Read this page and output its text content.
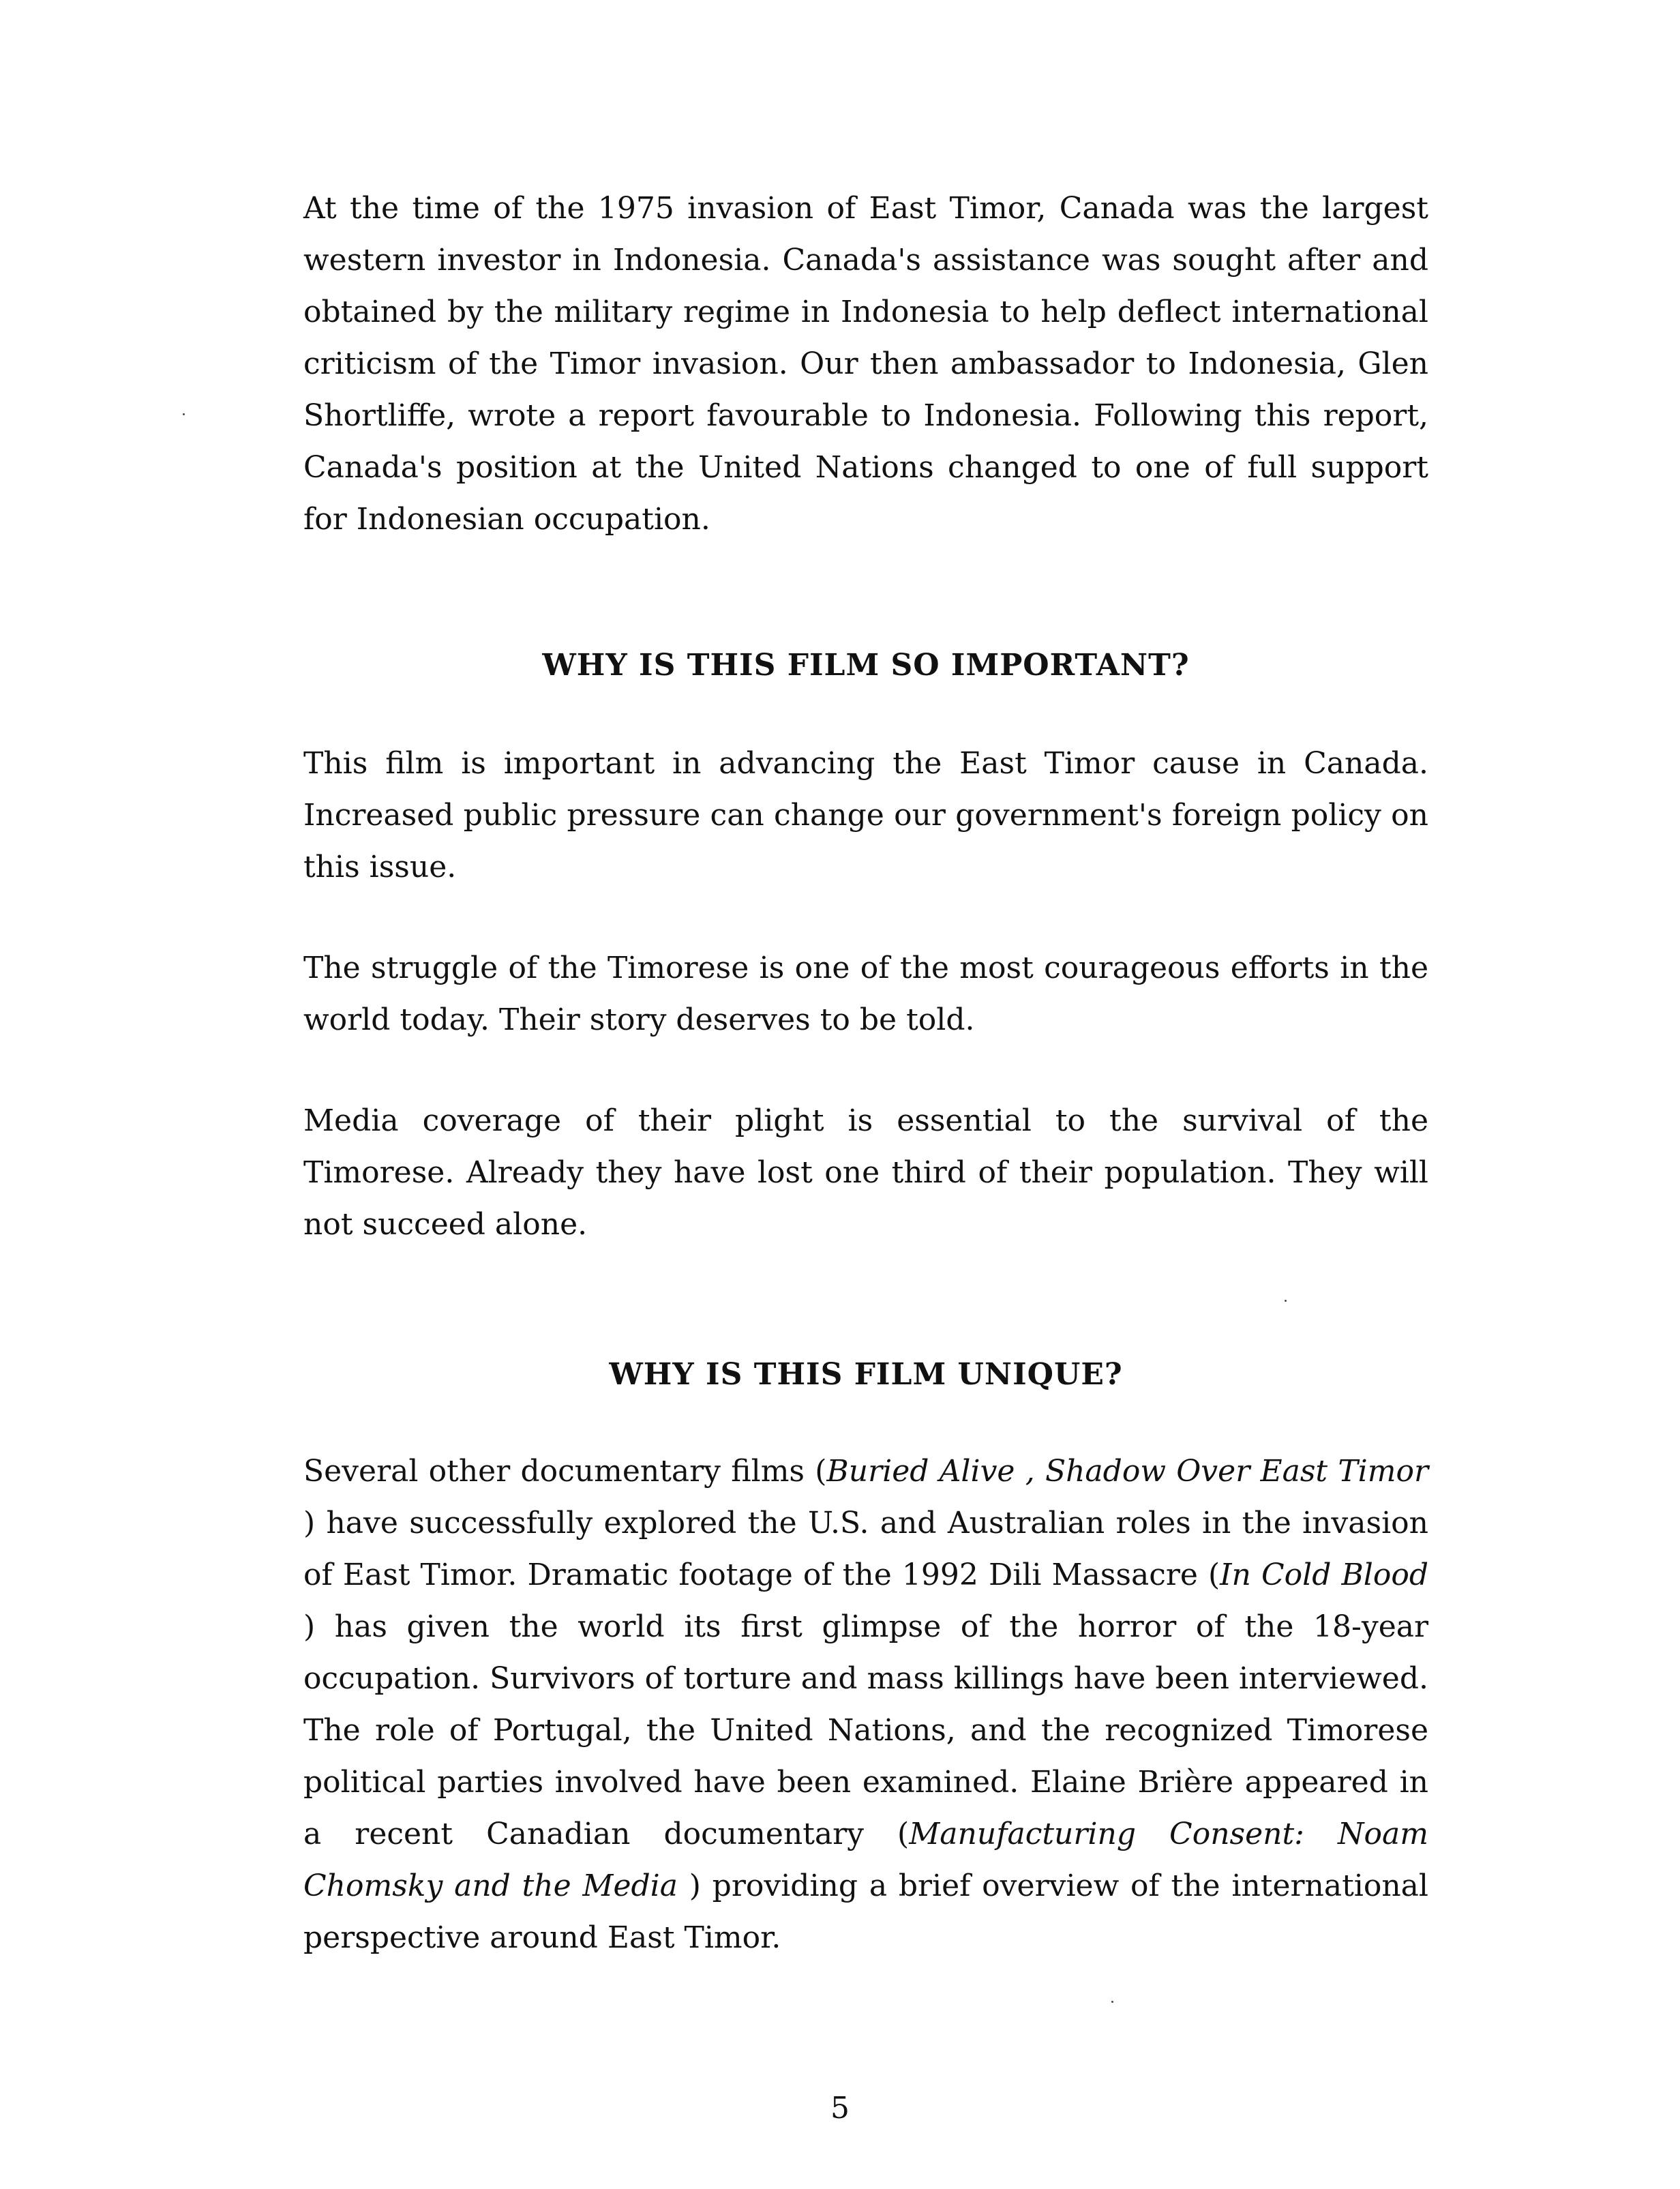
At the time of the 1975 invasion of East Timor, Canada was the largest western investor in Indonesia. Canada's assistance was sought after and obtained by the military regime in Indonesia to help deflect international criticism of the Timor invasion. Our then ambassador to Indonesia, Glen Shortliffe, wrote a report favourable to Indonesia. Following this report, Canada's position at the United Nations changed to one of full support for Indonesian occupation.

WHY IS THIS FILM SO IMPORTANT?

This film is important in advancing the East Timor cause in Canada. Increased public pressure can change our government's foreign policy on this issue.

The struggle of the Timorese is one of the most courageous efforts in the world today. Their story deserves to be told.

Media coverage of their plight is essential to the survival of the Timorese. Already they have lost one third of their population. They will not succeed alone.

WHY IS THIS FILM UNIQUE?

Several other documentary films (Buried Alive , Shadow Over East Timor ) have successfully explored the U.S. and Australian roles in the invasion of East Timor. Dramatic footage of the 1992 Dili Massacre (In Cold Blood ) has given the world its first glimpse of the horror of the 18-year occupation. Survivors of torture and mass killings have been interviewed. The role of Portugal, the United Nations, and the recognized Timorese political parties involved have been examined. Elaine Brière appeared in a recent Canadian documentary (Manufacturing Consent: Noam Chomsky and the Media ) providing a brief overview of the international perspective around East Timor.

5
